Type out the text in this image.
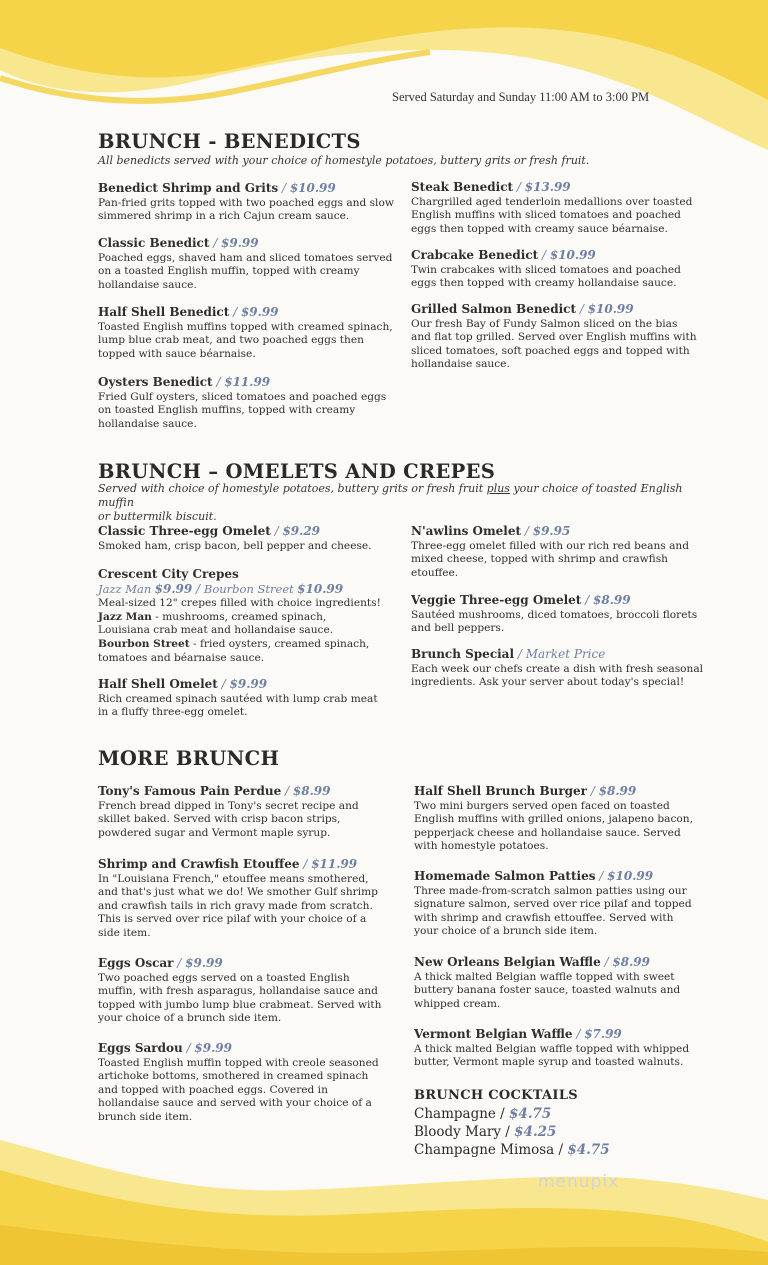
Served Saturday and Sunday 11:00 AM to 3:00 PM
BRUNCH - BENEDICTS
All benedicts served with your choice of homestyle potatoes, buttery grits or fresh fruit.
Benedict Shrimp and Grits / $10.99
Pan-fried grits topped with two poached eggs and slow
simmered shrimp in a rich Cajun cream sauce.
Classic Benedict / $9.99
Poached eggs, shaved ham and sliced tomatoes served
on a toasted English muffin, topped with creamy
hollandaise sauce.
Half Shell Benedict / $9.99
Toasted English muffins topped with creamed spinach,
lump blue crab meat, and two poached eggs then
topped with sauce béarnaise.
Oysters Benedict / $11.99
Fried Gulf oysters, sliced tomatoes and poached eggs
on toasted English muffins, topped with creamy
hollandaise sauce.
Steak Benedict / $13.99
Chargrilled aged tenderloin medallions over toasted
English muffins with sliced tomatoes and poached
eggs then topped with creamy sauce béarnaise.
Crabcake Benedict / $10.99
Twin crabcakes with sliced tomatoes and poached
eggs then topped with creamy hollandaise sauce.
Grilled Salmon Benedict / $10.99
Our fresh Bay of Fundy Salmon sliced on the bias
and flat top grilled. Served over English muffins with
sliced tomatoes, soft poached eggs and topped with
hollandaise sauce.
BRUNCH – OMELETS AND CREPES
Served with choice of homestyle potatoes, buttery grits or fresh fruit plus your choice of toasted English muffin
or buttermilk biscuit.
Classic Three-egg Omelet / $9.29
Smoked ham, crisp bacon, bell pepper and cheese.
Crescent City Crepes
Jazz Man $9.99 / Bourbon Street $10.99
Meal-sized 12" crepes filled with choice ingredients!
Jazz Man - mushrooms, creamed spinach,
Louisiana crab meat and hollandaise sauce.
Bourbon Street - fried oysters, creamed spinach,
tomatoes and béarnaise sauce.
Half Shell Omelet / $9.99
Rich creamed spinach sautéed with lump crab meat
in a fluffy three-egg omelet.
N'awlins Omelet / $9.95
Three-egg omelet filled with our rich red beans and
mixed cheese, topped with shrimp and crawfish
etouffee.
Veggie Three-egg Omelet / $8.99
Sautéed mushrooms, diced tomatoes, broccoli florets
and bell peppers.
Brunch Special / Market Price
Each week our chefs create a dish with fresh seasonal
ingredients. Ask your server about today's special!
MORE BRUNCH
Tony's Famous Pain Perdue / $8.99
French bread dipped in Tony's secret recipe and
skillet baked. Served with crisp bacon strips,
powdered sugar and Vermont maple syrup.
Shrimp and Crawfish Etouffee / $11.99
In "Louisiana French," etouffee means smothered,
and that's just what we do! We smother Gulf shrimp
and crawfish tails in rich gravy made from scratch.
This is served over rice pilaf with your choice of a
side item.
Eggs Oscar / $9.99
Two poached eggs served on a toasted English
muffin, with fresh asparagus, hollandaise sauce and
topped with jumbo lump blue crabmeat. Served with
your choice of a brunch side item.
Eggs Sardou / $9.99
Toasted English muffin topped with creole seasoned
artichoke bottoms, smothered in creamed spinach
and topped with poached eggs. Covered in
hollandaise sauce and served with your choice of a
brunch side item.
Half Shell Brunch Burger / $8.99
Two mini burgers served open faced on toasted
English muffins with grilled onions, jalapeno bacon,
pepperjack cheese and hollandaise sauce. Served
with homestyle potatoes.
Homemade Salmon Patties / $10.99
Three made-from-scratch salmon patties using our
signature salmon, served over rice pilaf and topped
with shrimp and crawfish ettouffee. Served with
your choice of a brunch side item.
New Orleans Belgian Waffle / $8.99
A thick malted Belgian waffle topped with sweet
buttery banana foster sauce, toasted walnuts and
whipped cream.
Vermont Belgian Waffle / $7.99
A thick malted Belgian waffle topped with whipped
butter, Vermont maple syrup and toasted walnuts.
BRUNCH COCKTAILS
Champagne / $4.75
Bloody Mary / $4.25
Champagne Mimosa / $4.75
menupix
